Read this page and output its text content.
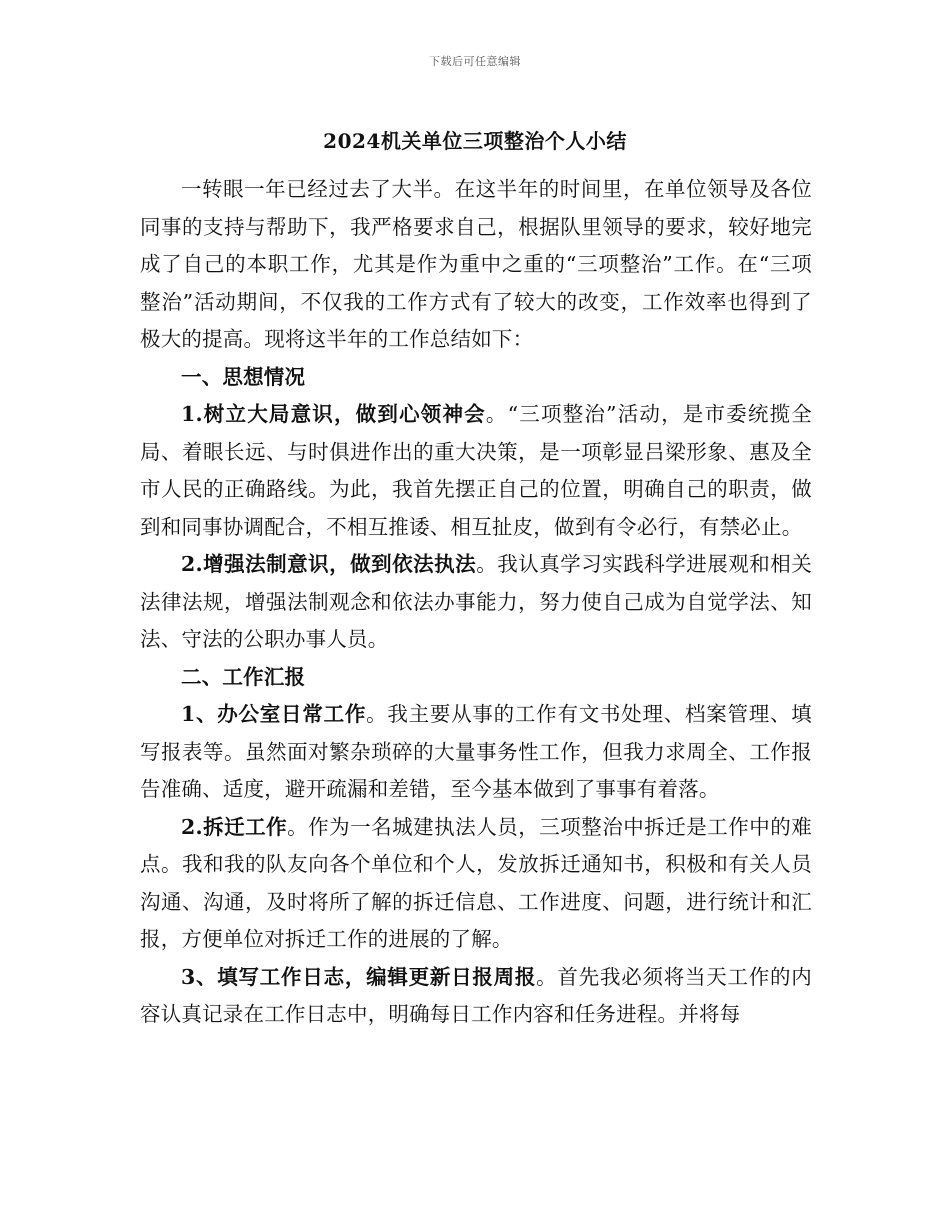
下载后可任意编辑
2024机关单位三项整治个人小结

一转眼一年已经过去了大半。在这半年的时间里，在单位领导及各位同事的支持与帮助下，我严格要求自己，根据队里领导的要求，较好地完成了自己的本职工作，尤其是作为重中之重的“三项整治”工作。在“三项整治”活动期间，不仅我的工作方式有了较大的改变，工作效率也得到了极大的提高。现将这半年的工作总结如下：

一、思想情况

1.树立大局意识，做到心领神会。“三项整治”活动，是市委统揽全局、着眼长远、与时俱进作出的重大决策，是一项彰显吕梁形象、惠及全市人民的正确路线。为此，我首先摆正自己的位置，明确自己的职责，做到和同事协调配合，不相互推诿、相互扯皮，做到有令必行，有禁必止。

2.增强法制意识，做到依法执法。我认真学习实践科学进展观和相关法律法规，增强法制观念和依法办事能力，努力使自己成为自觉学法、知法、守法的公职办事人员。

二、工作汇报

1、办公室日常工作。我主要从事的工作有文书处理、档案管理、填写报表等。虽然面对繁杂琐碎的大量事务性工作，但我力求周全、工作报告准确、适度，避开疏漏和差错，至今基本做到了事事有着落。

2.拆迁工作。作为一名城建执法人员，三项整治中拆迁是工作中的难点。我和我的队友向各个单位和个人，发放拆迁通知书，积极和有关人员沟通、沟通，及时将所了解的拆迁信息、工作进度、问题，进行统计和汇报，方便单位对拆迁工作的进展的了解。

3、填写工作日志，编辑更新日报周报。首先我必须将当天工作的内容认真记录在工作日志中，明确每日工作内容和任务进程。并将每
